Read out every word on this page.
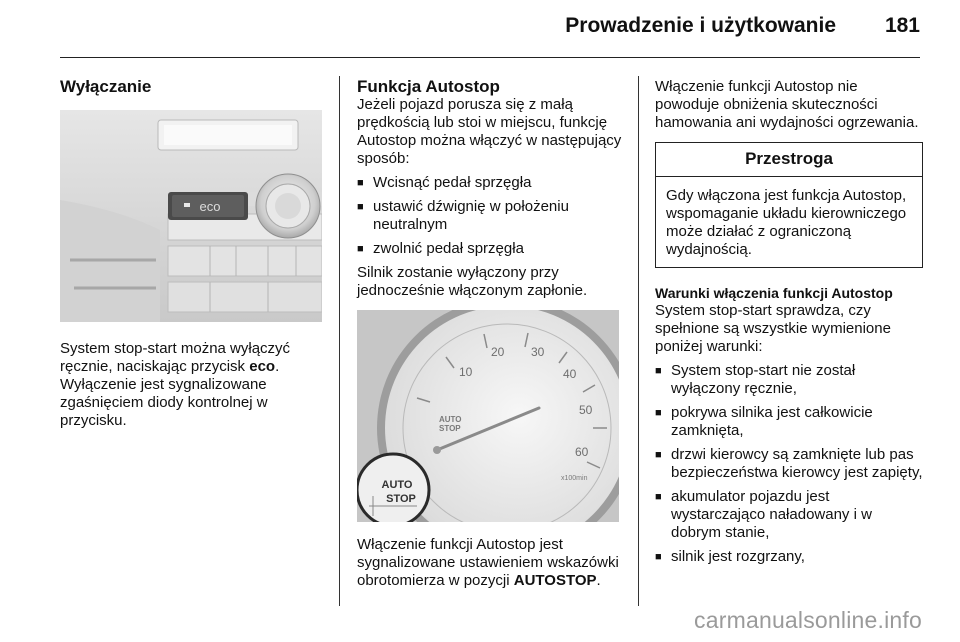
Prowadzenie i użytkowanie 181
Wyłączanie
eco

System stop-start można wyłączyć ręcznie, naciskając przycisk eco. Wyłączenie jest sygnalizowane zgaśnięciem diody kontrolnej w przycisku.

Funkcja Autostop

Jeżeli pojazd porusza się z małą prędkością lub stoi w miejscu, funkcję Autostop można włączyć w następujący sposób:

■ Wcisnąć pedał sprzęgła
■ ustawić dźwignię w położeniu neutralnym
■ zwolnić pedał sprzęgła

Silnik zostanie wyłączony przy jednocześnie włączonym zapłonie.

10
20 30
40
50
60
x100min
AUTO
STOP
AUTO
STOP

Włączenie funkcji Autostop jest sygnalizowane ustawieniem wskazówki obrotomierza w pozycji AUTOSTOP.

Włączenie funkcji Autostop nie powoduje obniżenia skuteczności hamowania ani wydajności ogrzewania.

Przestroga
Gdy włączona jest funkcja Autostop, wspomaganie układu kierowniczego może działać z ograniczoną wydajnością.

Warunki włączenia funkcji Autostop

System stop-start sprawdza, czy spełnione są wszystkie wymienione poniżej warunki:

■ System stop-start nie został wyłączony ręcznie,
■ pokrywa silnika jest całkowicie zamknięta,
■ drzwi kierowcy są zamknięte lub pas bezpieczeństwa kierowcy jest zapięty,
■ akumulator pojazdu jest wystarczająco naładowany i w dobrym stanie,
■ silnik jest rozgrzany,
carmanualsonline.info
